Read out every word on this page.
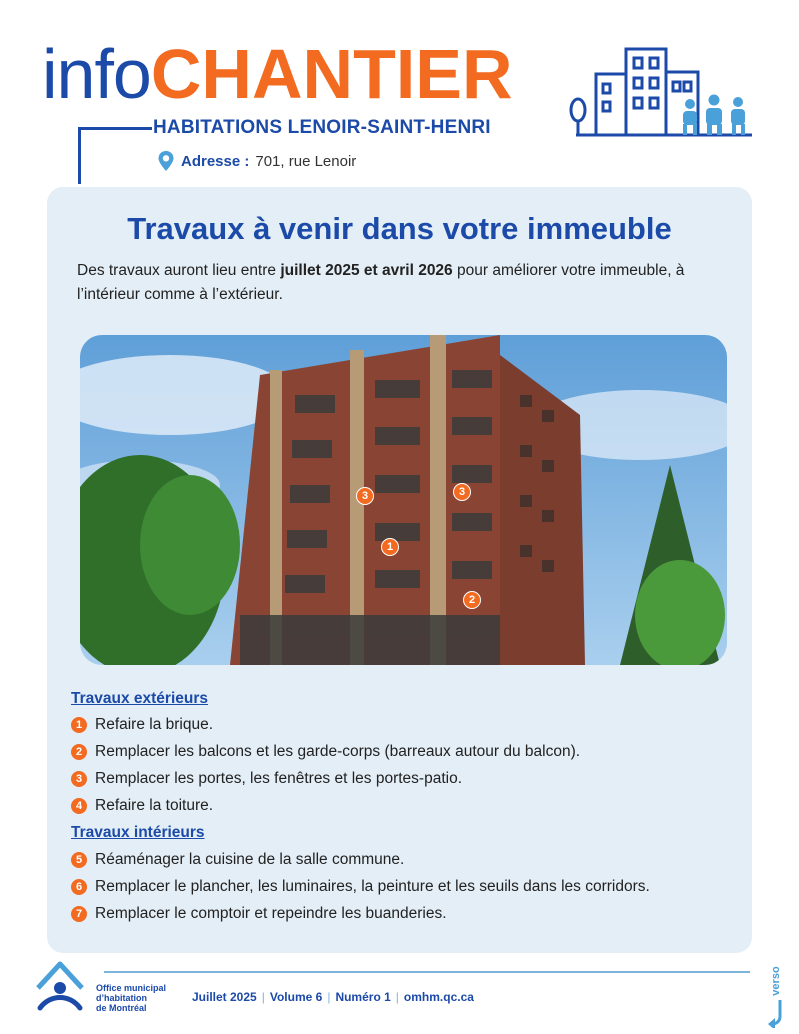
infoCHANTIER
HABITATIONS LENOIR-SAINT-HENRI
Adresse : 701, rue Lenoir
Travaux à venir dans votre immeuble

Des travaux auront lieu entre juillet 2025 et avril 2026 pour améliorer votre immeuble, à l’intérieur comme à l’extérieur.

3	3
1
2
Travaux extérieurs
1 Refaire la brique.
2 Remplacer les balcons et les garde-corps (barreaux autour du balcon).
3 Remplacer les portes, les fenêtres et les portes-patio.
4 Refaire la toiture.
Travaux intérieurs
5 Réaménager la cuisine de la salle commune.
6 Remplacer le plancher, les luminaires, la peinture et les seuils dans les corridors.
7 Remplacer le comptoir et repeindre les buanderies.
Office municipal
d’habitation
de Montréal
Juillet 2025 | Volume 6 | Numéro 1 | omhm.qc.ca
verso
